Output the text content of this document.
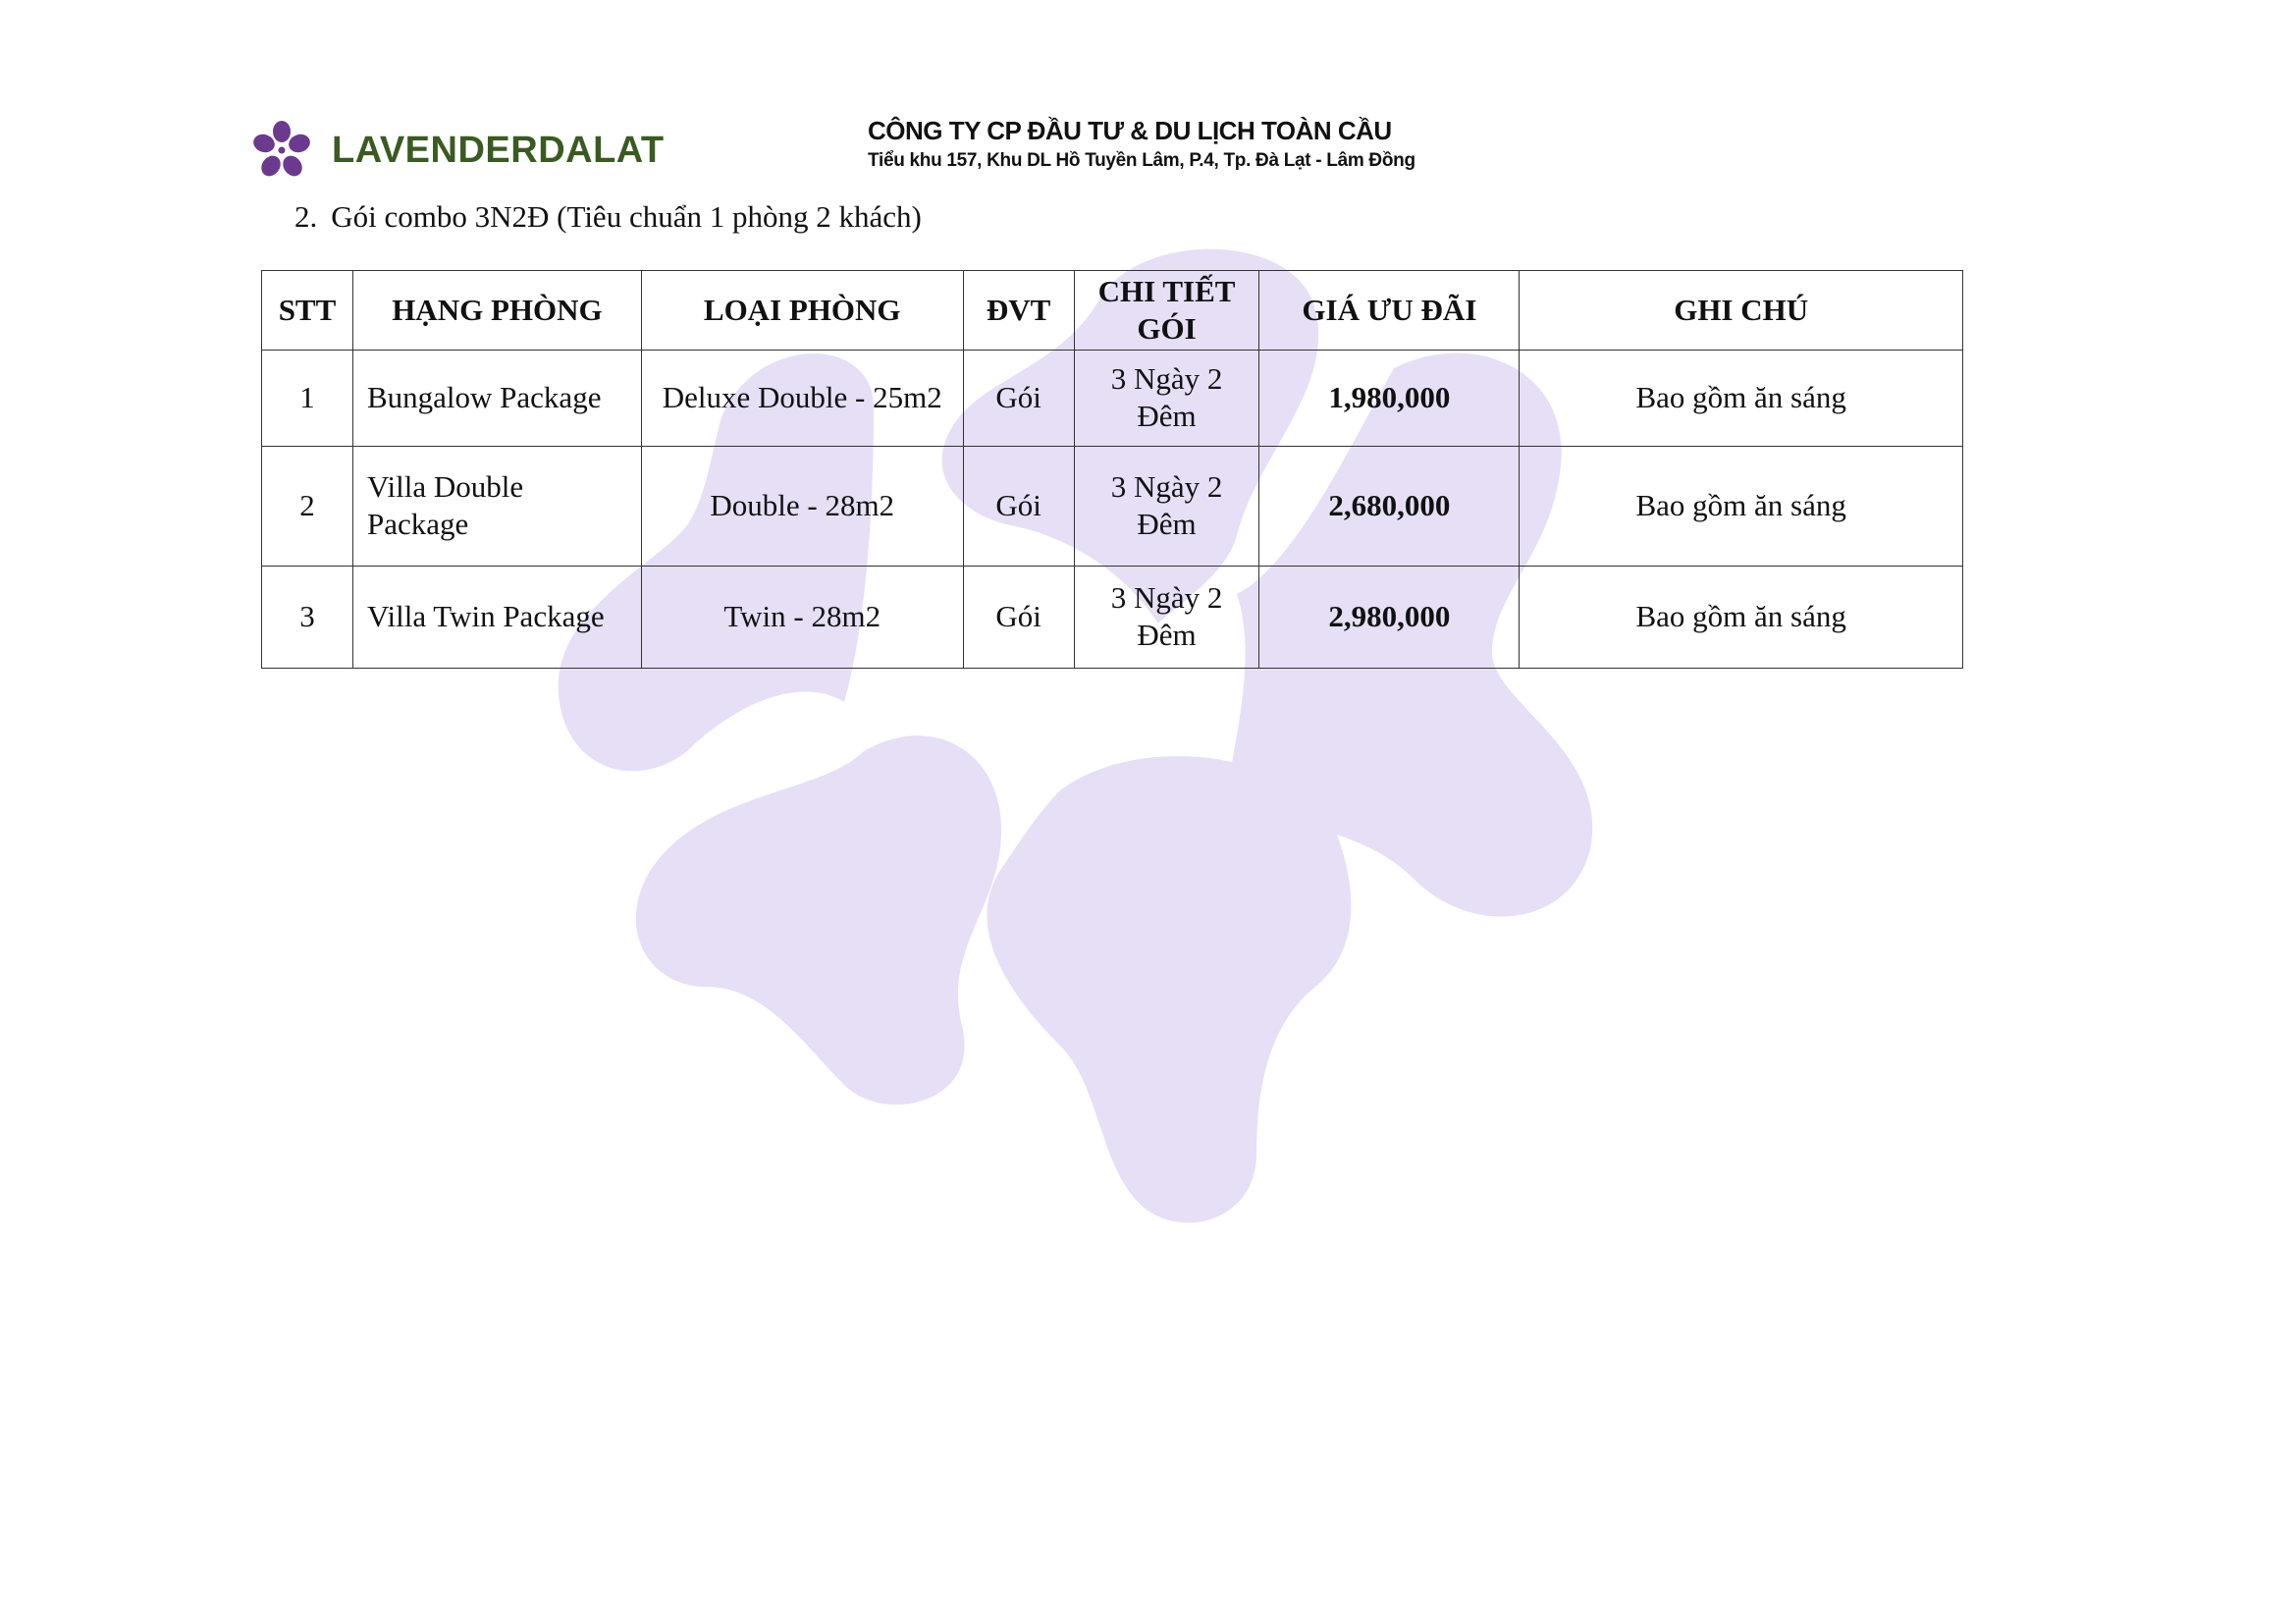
LAVENDERDALAT	CÔNG TY CP ĐẦU TƯ & DU LỊCH TOÀN CẦU
Tiểu khu 157, Khu DL Hồ Tuyền Lâm, P.4, Tp. Đà Lạt - Lâm Đồng
2. Gói combo 3N2Đ (Tiêu chuẩn 1 phòng 2 khách)
STT	HẠNG PHÒNG	LOẠI PHÒNG	ĐVT	CHI TIẾT GÓI	GIÁ ƯU ĐÃI	GHI CHÚ
1	Bungalow Package	Deluxe Double - 25m2	Gói	3 Ngày 2 Đêm	1,980,000	Bao gồm ăn sáng
2	Villa Double Package	Double - 28m2	Gói	3 Ngày 2 Đêm	2,680,000	Bao gồm ăn sáng
3	Villa Twin Package	Twin - 28m2	Gói	3 Ngày 2 Đêm	2,980,000	Bao gồm ăn sáng
